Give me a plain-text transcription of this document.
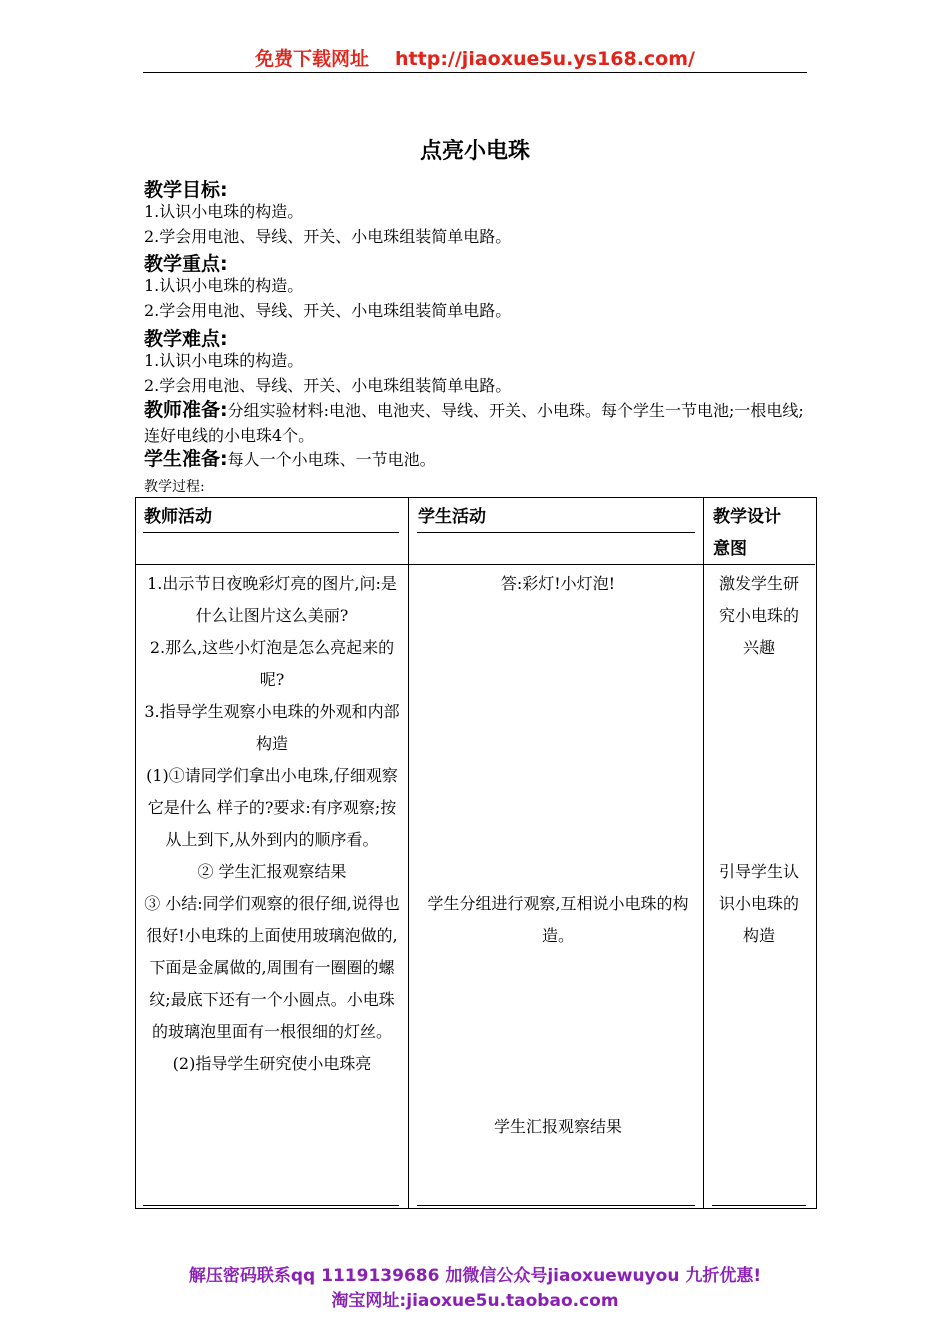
免费下载网址 http://jiaoxue5u.ys168.com/
点亮小电珠
教学目标:
1.认识小电珠的构造。
2.学会用电池、导线、开关、小电珠组装简单电路。
教学重点:
1.认识小电珠的构造。
2.学会用电池、导线、开关、小电珠组装简单电路。
教学难点:
1.认识小电珠的构造。
2.学会用电池、导线、开关、小电珠组装简单电路。
教师准备:分组实验材料:电池、电池夹、导线、开关、小电珠。每个学生一节电池;一根电线;连好电线的小电珠4个。
学生准备:每人一个小电珠、一节电池。
教学过程:
教师活动	学生活动	教学设计意图

1.出示节日夜晚彩灯亮的图片,问:是什么让图片这么美丽?

2.那么,这些小灯泡是怎么亮起来的呢?

3.指导学生观察小电珠的外观和内部构造

(1)①请同学们拿出小电珠,仔细观察它是什么 样子的?要求:有序观察;按从上到下,从外到内的顺序看。

② 学生汇报观察结果

③ 小结:同学们观察的很仔细,说得也很好!小电珠的上面使用玻璃泡做的,下面是金属做的,周围有一圈圈的螺纹;最底下还有一个小圆点。小电珠的玻璃泡里面有一根很细的灯丝。

(2)指导学生研究使小电珠亮

答:彩灯!小灯泡!
学生分组进行观察,互相说小电珠的构造。
学生汇报观察结果
激发学生研究小电珠的兴趣
引导学生认识小电珠的构造
解压密码联系qq 1119139686 加微信公众号jiaoxuewuyou 九折优惠!
淘宝网址:jiaoxue5u.taobao.com
